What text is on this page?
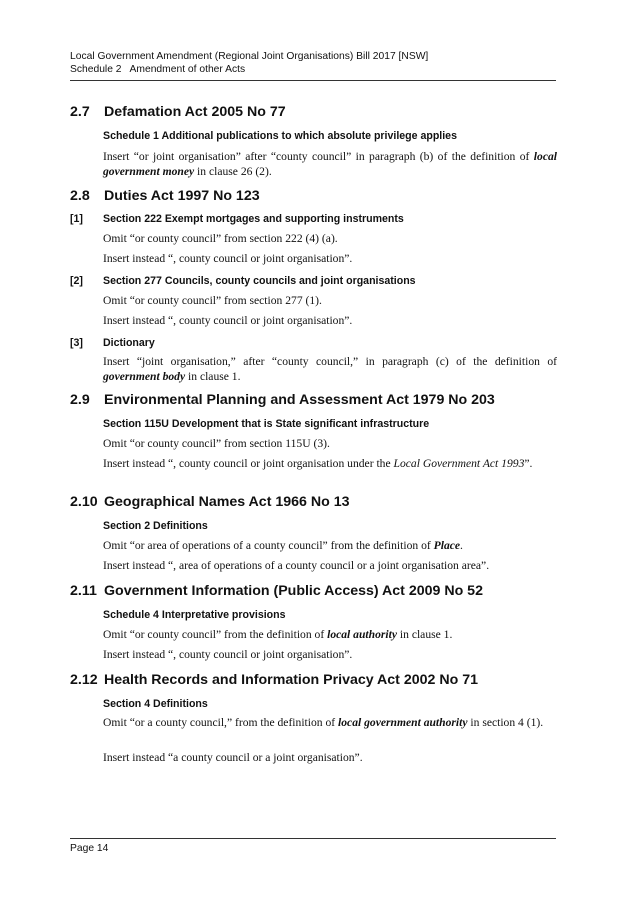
Local Government Amendment (Regional Joint Organisations) Bill 2017 [NSW]
Schedule 2   Amendment of other Acts
2.7 Defamation Act 2005 No 77
Schedule 1 Additional publications to which absolute privilege applies
Insert “or joint organisation” after “county council” in paragraph (b) of the definition of local government money in clause 26 (2).
2.8 Duties Act 1997 No 123
[1] Section 222 Exempt mortgages and supporting instruments
Omit “or county council” from section 222 (4) (a).
Insert instead “, county council or joint organisation”.
[2] Section 277 Councils, county councils and joint organisations
Omit “or county council” from section 277 (1).
Insert instead “, county council or joint organisation”.
[3] Dictionary
Insert “joint organisation,” after “county council,” in paragraph (c) of the definition of government body in clause 1.
2.9 Environmental Planning and Assessment Act 1979 No 203
Section 115U Development that is State significant infrastructure
Omit “or county council” from section 115U (3).
Insert instead “, county council or joint organisation under the Local Government Act 1993”.
2.10 Geographical Names Act 1966 No 13
Section 2 Definitions
Omit “or area of operations of a county council” from the definition of Place.
Insert instead “, area of operations of a county council or a joint organisation area”.
2.11 Government Information (Public Access) Act 2009 No 52
Schedule 4 Interpretative provisions
Omit “or county council” from the definition of local authority in clause 1.
Insert instead “, county council or joint organisation”.
2.12 Health Records and Information Privacy Act 2002 No 71
Section 4 Definitions
Omit “or a county council,” from the definition of local government authority in section 4 (1).
Insert instead “a county council or a joint organisation”.
Page 14
